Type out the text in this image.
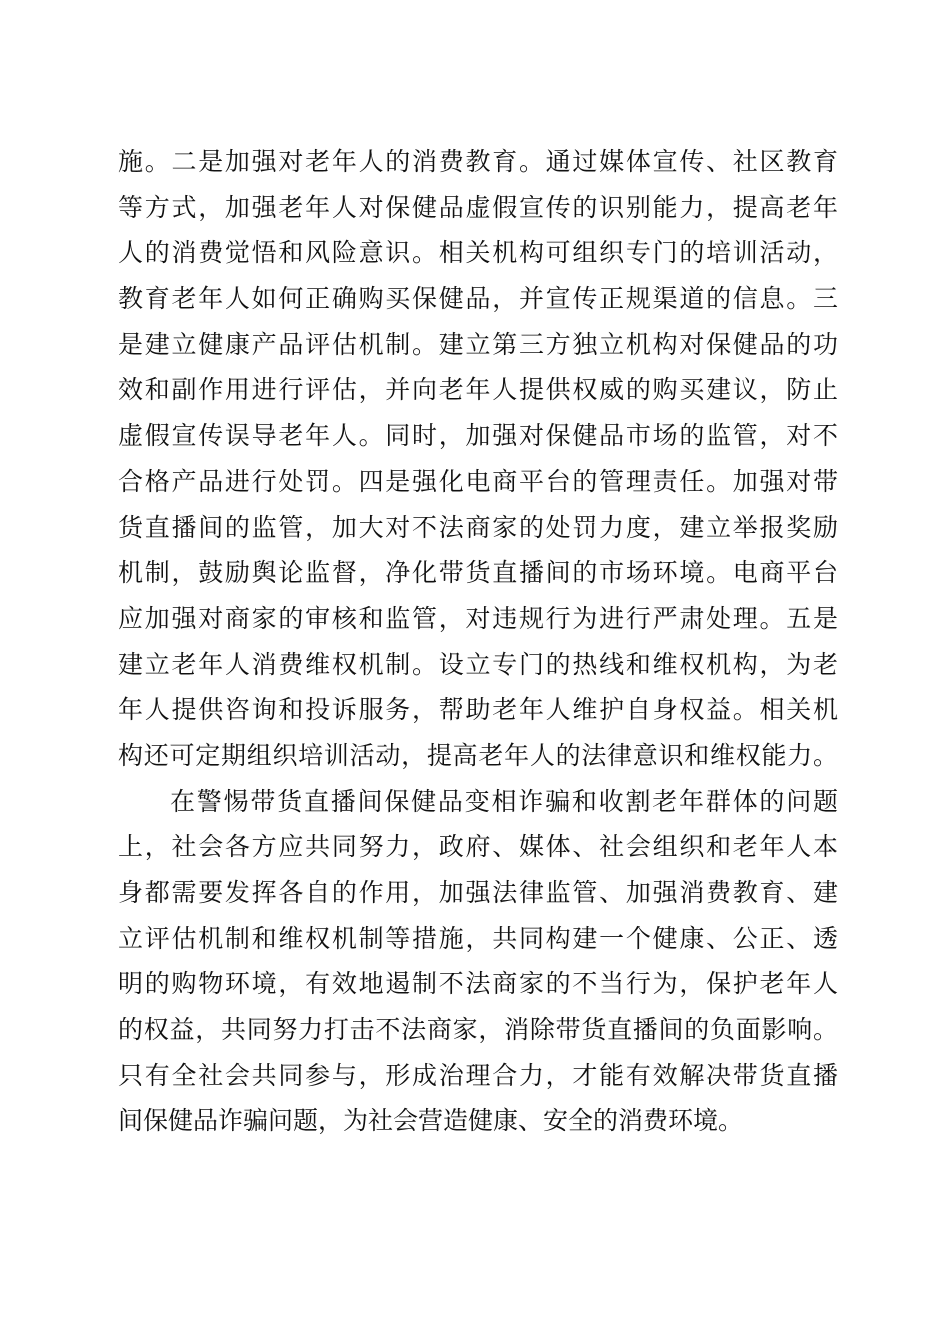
施。二是加强对老年人的消费教育。通过媒体宣传、社区教育
等方式，加强老年人对保健品虚假宣传的识别能力，提高老年
人的消费觉悟和风险意识。相关机构可组织专门的培训活动，
教育老年人如何正确购买保健品，并宣传正规渠道的信息。三
是建立健康产品评估机制。建立第三方独立机构对保健品的功
效和副作用进行评估，并向老年人提供权威的购买建议，防止
虚假宣传误导老年人。同时，加强对保健品市场的监管，对不
合格产品进行处罚。四是强化电商平台的管理责任。加强对带
货直播间的监管，加大对不法商家的处罚力度，建立举报奖励
机制，鼓励舆论监督，净化带货直播间的市场环境。电商平台
应加强对商家的审核和监管，对违规行为进行严肃处理。五是
建立老年人消费维权机制。设立专门的热线和维权机构，为老
年人提供咨询和投诉服务，帮助老年人维护自身权益。相关机
构还可定期组织培训活动，提高老年人的法律意识和维权能力。
在警惕带货直播间保健品变相诈骗和收割老年群体的问题
上，社会各方应共同努力，政府、媒体、社会组织和老年人本
身都需要发挥各自的作用，加强法律监管、加强消费教育、建
立评估机制和维权机制等措施，共同构建一个健康、公正、透
明的购物环境，有效地遏制不法商家的不当行为，保护老年人
的权益，共同努力打击不法商家，消除带货直播间的负面影响。
只有全社会共同参与，形成治理合力，才能有效解决带货直播
间保健品诈骗问题，为社会营造健康、安全的消费环境。
